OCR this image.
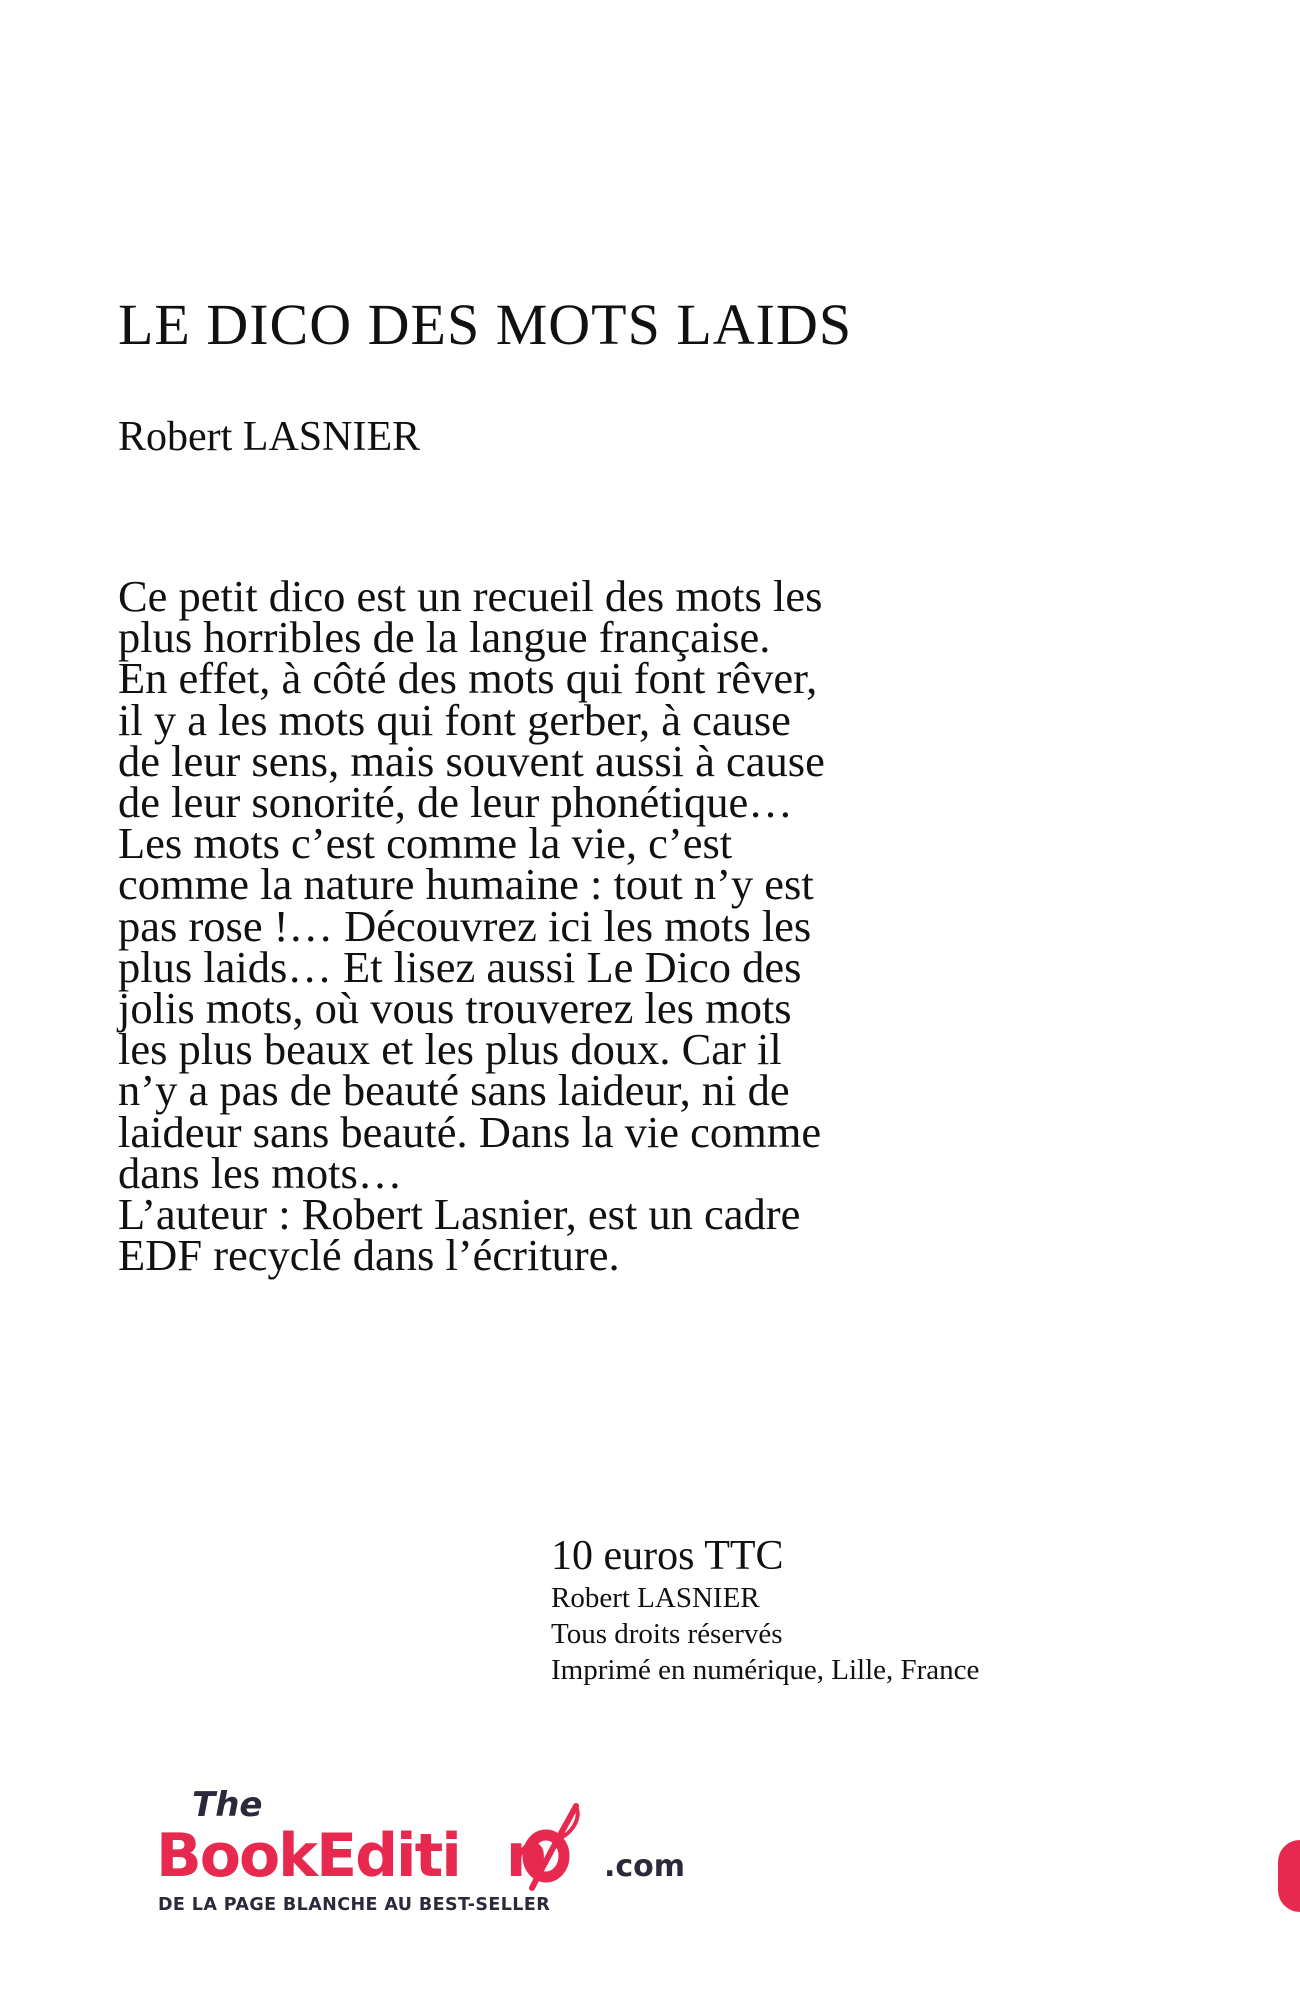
LE DICO DES MOTS LAIDS
Robert LASNIER
Ce petit dico est un recueil des mots les
plus horribles de la langue française.
En effet, à côté des mots qui font rêver,
il y a les mots qui font gerber, à cause
de leur sens, mais souvent aussi à cause
de leur sonorité, de leur phonétique…
Les mots c’est comme la vie, c’est
comme la nature humaine : tout n’y est
pas rose !… Découvrez ici les mots les
plus laids… Et lisez aussi Le Dico des
jolis mots, où vous trouverez les mots
les plus beaux et les plus doux. Car il
n’y a pas de beauté sans laideur, ni de
laideur sans beauté. Dans la vie comme
dans les mots…
L’auteur : Robert Lasnier, est un cadre
EDF recyclé dans l’écriture.
10 euros TTC
Robert LASNIER
Tous droits réservés
Imprimé en numérique, Lille, France
The
BookEditi n .com
DE LA PAGE BLANCHE AU BEST-SELLER
